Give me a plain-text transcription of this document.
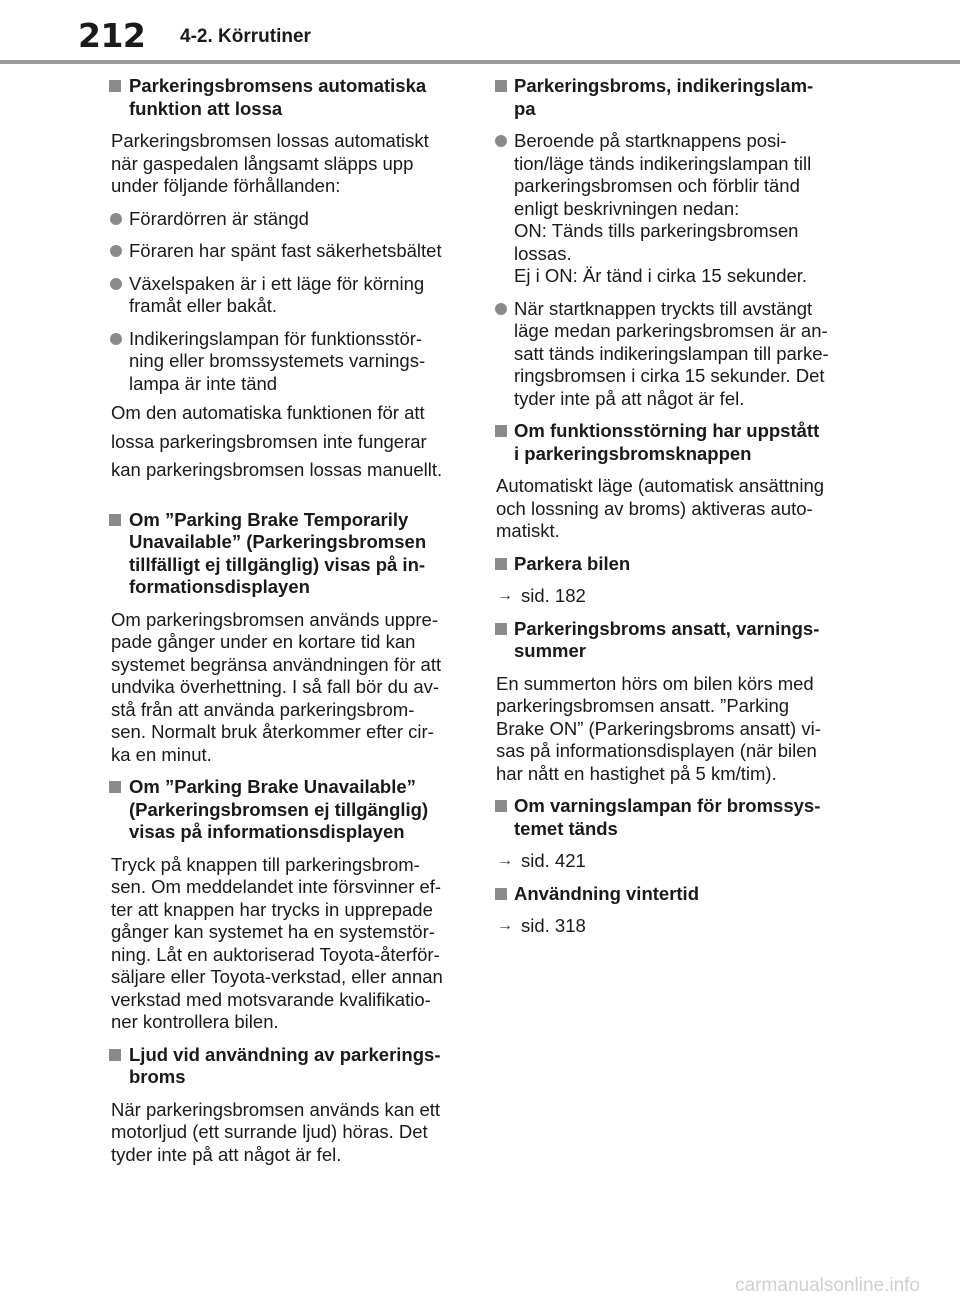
212 4-2. Körrutiner
Parkeringsbromsens automatiska
funktion att lossa
Parkeringsbromsen lossas automatiskt
när gaspedalen långsamt släpps upp
under följande förhållanden:
Förardörren är stängd
Föraren har spänt fast säkerhetsbältet
Växelspaken är i ett läge för körning
framåt eller bakåt.
Indikeringslampan för funktionsstör-
ning eller bromssystemets varnings-
lampa är inte tänd
Om den automatiska funktionen för att
lossa parkeringsbromsen inte fungerar
kan parkeringsbromsen lossas manuellt.
Om ”Parking Brake Temporarily
Unavailable” (Parkeringsbromsen
tillfälligt ej tillgänglig) visas på in-
formationsdisplayen
Om parkeringsbromsen används uppre-
pade gånger under en kortare tid kan
systemet begränsa användningen för att
undvika överhettning. I så fall bör du av-
stå från att använda parkeringsbrom-
sen. Normalt bruk återkommer efter cir-
ka en minut.
Om ”Parking Brake Unavailable”
(Parkeringsbromsen ej tillgänglig)
visas på informationsdisplayen
Tryck på knappen till parkeringsbrom-
sen. Om meddelandet inte försvinner ef-
ter att knappen har trycks in upprepade
gånger kan systemet ha en systemstör-
ning. Låt en auktoriserad Toyota-återför-
säljare eller Toyota-verkstad, eller annan
verkstad med motsvarande kvalifikatio-
ner kontrollera bilen.
Ljud vid användning av parkerings-
broms
När parkeringsbromsen används kan ett
motorljud (ett surrande ljud) höras. Det
tyder inte på att något är fel.
Parkeringsbroms, indikeringslam-
pa
Beroende på startknappens posi-
tion/läge tänds indikeringslampan till
parkeringsbromsen och förblir tänd
enligt beskrivningen nedan:
ON: Tänds tills parkeringsbromsen
lossas.
Ej i ON: Är tänd i cirka 15 sekunder.
När startknappen tryckts till avstängt
läge medan parkeringsbromsen är an-
satt tänds indikeringslampan till parke-
ringsbromsen i cirka 15 sekunder. Det
tyder inte på att något är fel.
Om funktionsstörning har uppstått
i parkeringsbromsknappen
Automatiskt läge (automatisk ansättning
och lossning av broms) aktiveras auto-
matiskt.
Parkera bilen
→ sid. 182
Parkeringsbroms ansatt, varnings-
summer
En summerton hörs om bilen körs med
parkeringsbromsen ansatt. ”Parking
Brake ON” (Parkeringsbroms ansatt) vi-
sas på informationsdisplayen (när bilen
har nått en hastighet på 5 km/tim).
Om varningslampan för bromssys-
temet tänds
→ sid. 421
Användning vintertid
→ sid. 318
carmanualsonline.info
